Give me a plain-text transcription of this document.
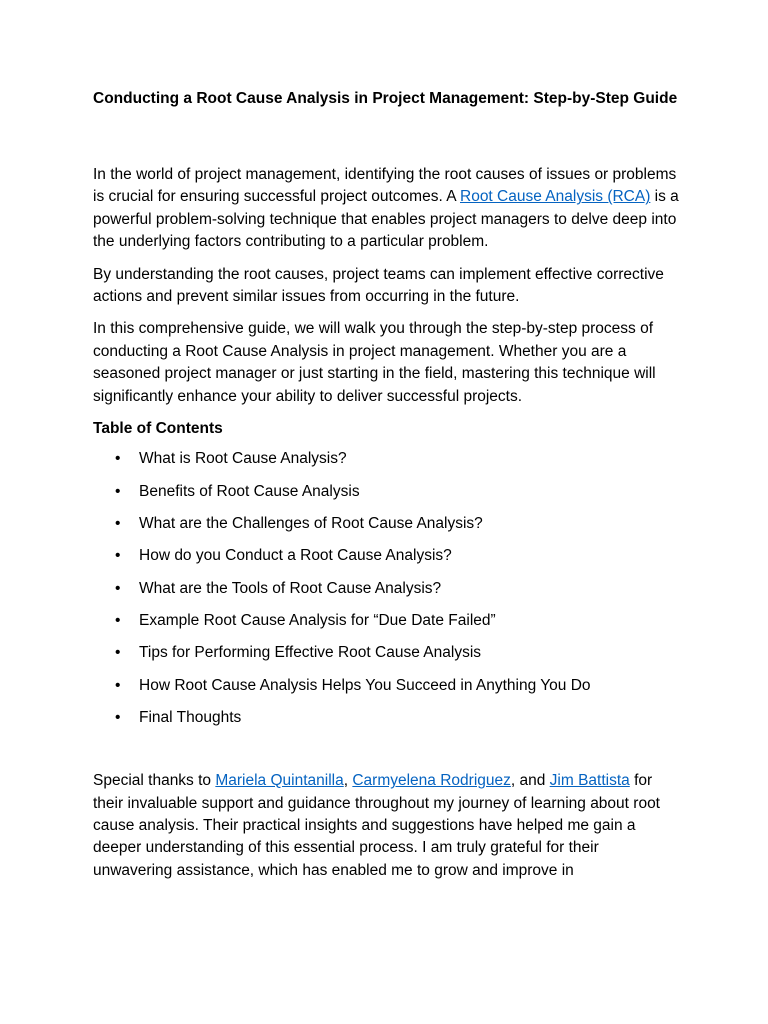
Conducting a Root Cause Analysis in Project Management: Step-by-Step Guide

In the world of project management, identifying the root causes of issues or problems is crucial for ensuring successful project outcomes. A Root Cause Analysis (RCA) is a powerful problem-solving technique that enables project managers to delve deep into the underlying factors contributing to a particular problem.

By understanding the root causes, project teams can implement effective corrective actions and prevent similar issues from occurring in the future.

In this comprehensive guide, we will walk you through the step-by-step process of conducting a Root Cause Analysis in project management. Whether you are a seasoned project manager or just starting in the field, mastering this technique will significantly enhance your ability to deliver successful projects.

Table of Contents

• What is Root Cause Analysis?
• Benefits of Root Cause Analysis
• What are the Challenges of Root Cause Analysis?
• How do you Conduct a Root Cause Analysis?
• What are the Tools of Root Cause Analysis?
• Example Root Cause Analysis for “Due Date Failed”
• Tips for Performing Effective Root Cause Analysis
• How Root Cause Analysis Helps You Succeed in Anything You Do
• Final Thoughts

Special thanks to Mariela Quintanilla, Carmyelena Rodriguez, and Jim Battista for their invaluable support and guidance throughout my journey of learning about root cause analysis. Their practical insights and suggestions have helped me gain a deeper understanding of this essential process. I am truly grateful for their unwavering assistance, which has enabled me to grow and improve in
